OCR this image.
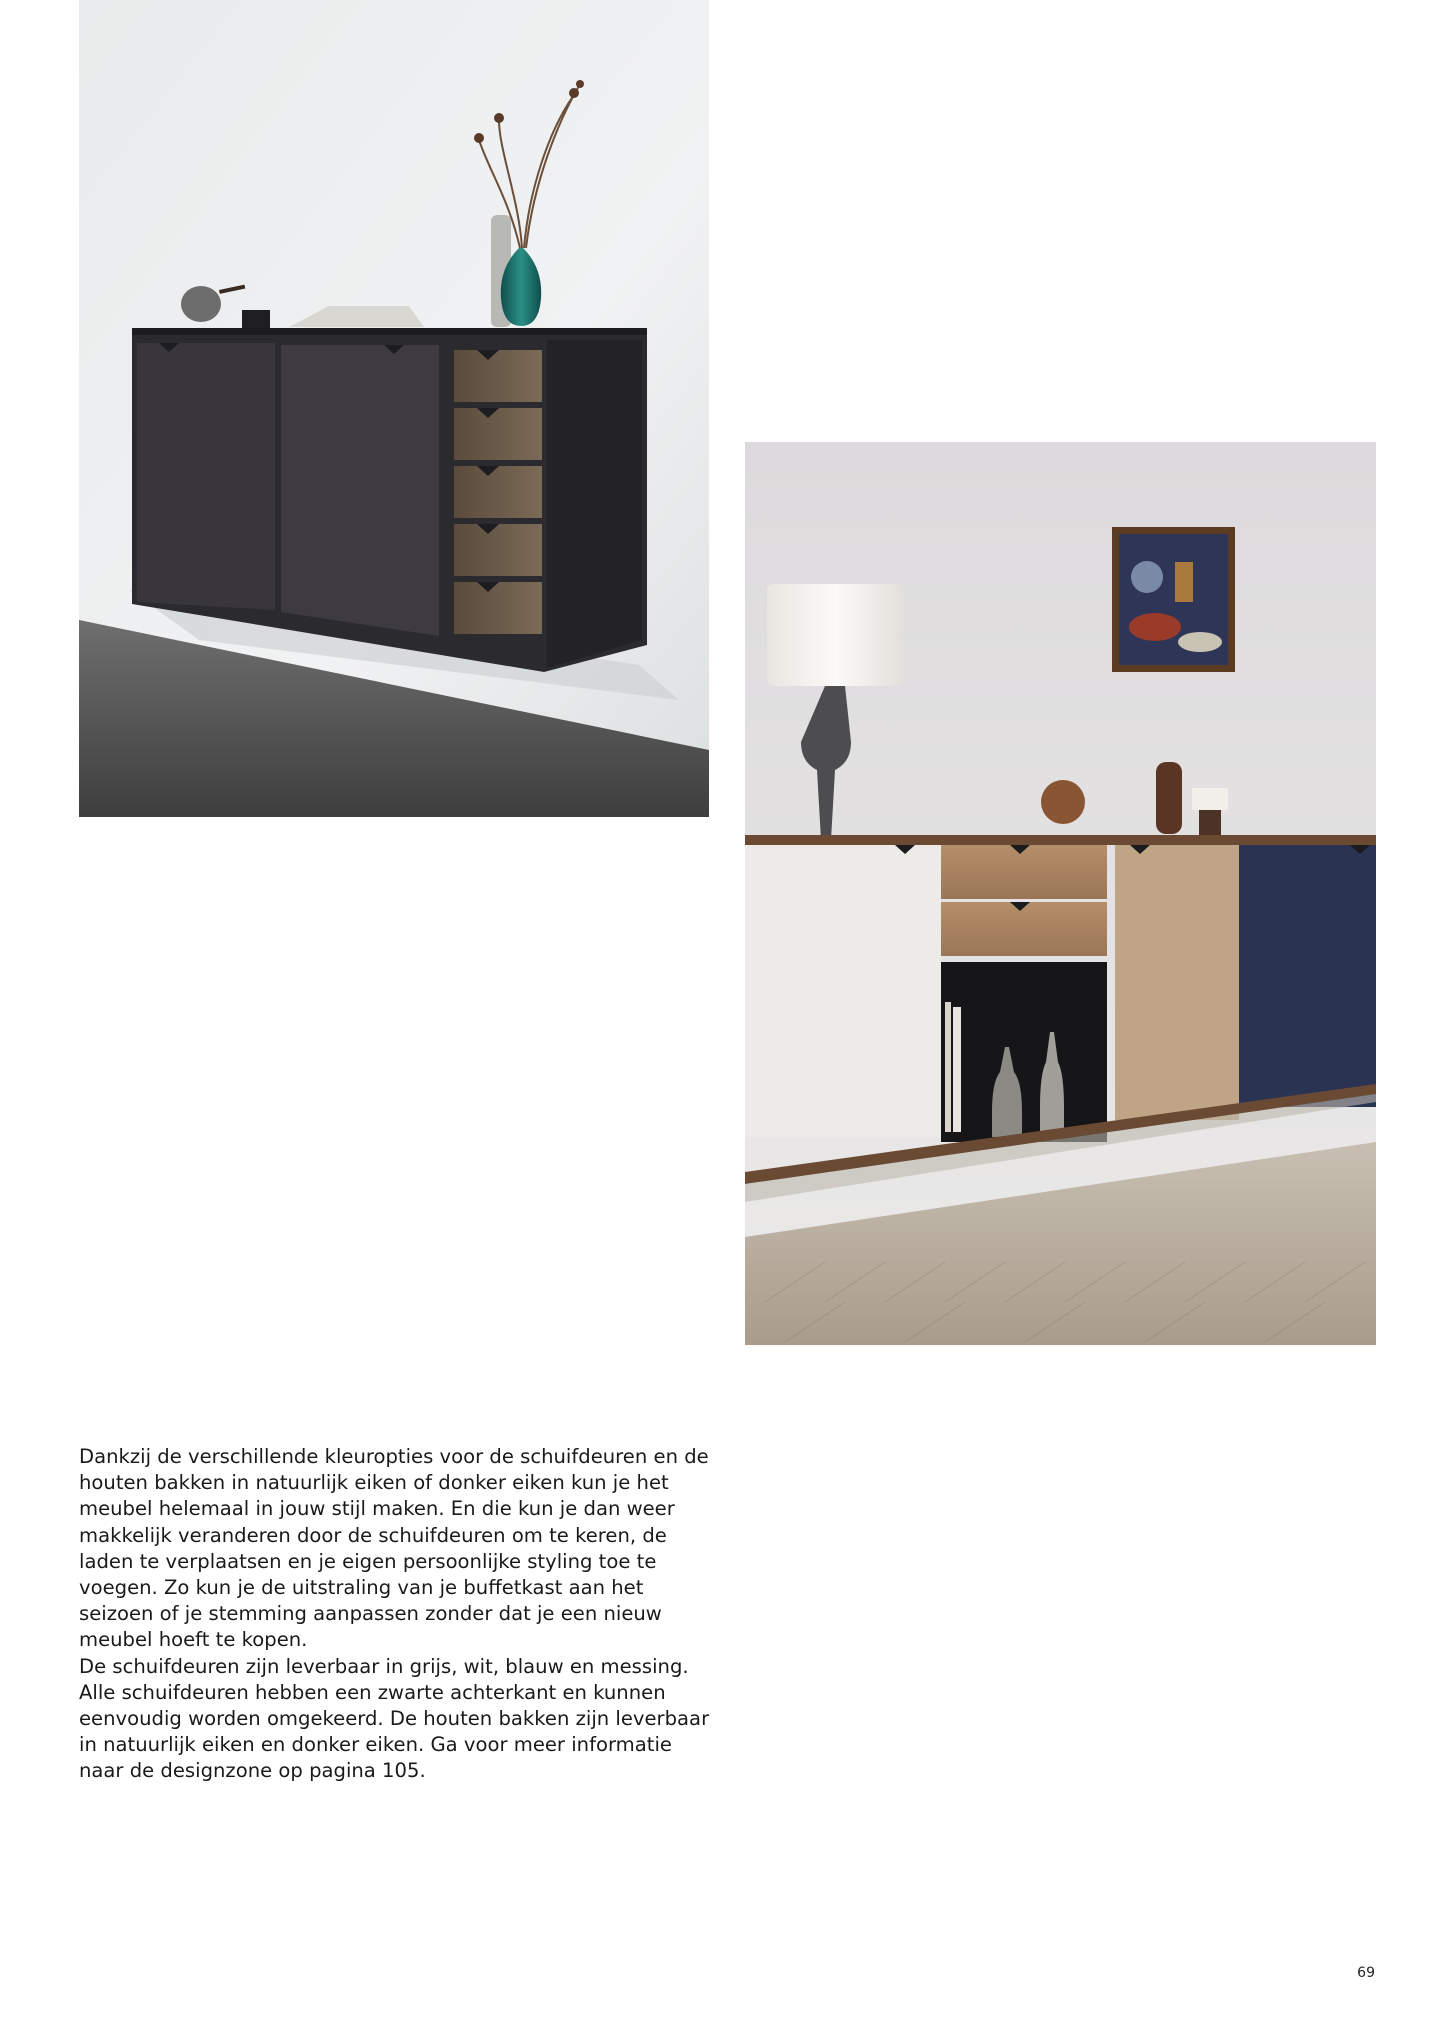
Dankzij de verschillende kleuropties voor de schuifdeuren en de houten bakken in natuurlijk eiken of donker eiken kun je het meubel helemaal in jouw stijl maken. En die kun je dan weer makkelijk veranderen door de schuifdeuren om te keren, de laden te verplaatsen en je eigen persoonlijke styling toe te voegen. Zo kun je de uitstraling van je buffetkast aan het seizoen of je stemming aanpassen zonder dat je een nieuw meubel hoeft te kopen.

De schuifdeuren zijn leverbaar in grijs, wit, blauw en messing. Alle schuifdeuren hebben een zwarte achterkant en kunnen eenvoudig worden omgekeerd. De houten bakken zijn leverbaar in natuurlijk eiken en donker eiken. Ga voor meer informatie naar de designzone op pagina 105.

69
